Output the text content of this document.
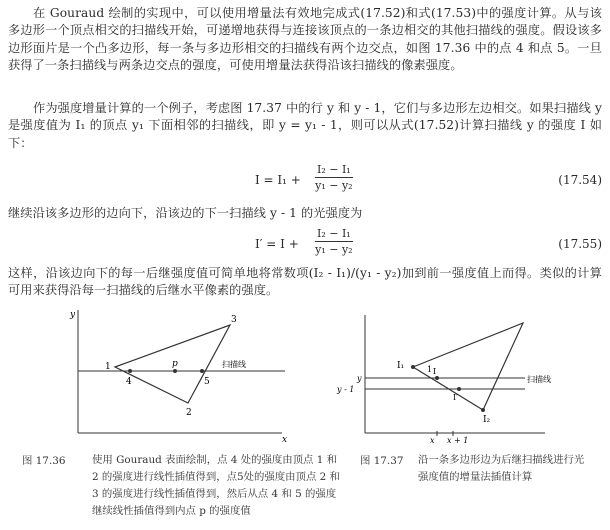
在 Gouraud 绘制的实现中，可以使用增量法有效地完成式(17.52)和式(17.53)中的强度计算。从与该多边形一个顶点相交的扫描线开始，可递增地获得与连接该顶点的一条边相交的其他扫描线的强度。假设该多边形面片是一个凸多边形，每一条与多边形相交的扫描线有两个边交点，如图 17.36 中的点 4 和点 5。一旦获得了一条扫描线与两条边交点的强度，可使用增量法获得沿该扫描线的像素强度。

作为强度增量计算的一个例子，考虑图 17.37 中的行 y 和 y - 1，它们与多边形左边相交。如果扫描线 y 是强度值为 I₁ 的顶点 y₁ 下面相邻的扫描线，即 y = y₁ - 1，则可以从式(17.52)计算扫描线 y 的强度 I 如下：

$I = I_1 + \frac{\text{I₂ − I₁}}{\text{y₁ − y₂}}$	(17.54)

继续沿该多边形的边向下，沿该边的下一扫描线 y - 1 的光强度为

$I' = I + \frac{\text{I₂ − I₁}}{\text{y₁ − y₂}}$	(17.55)

这样，沿该边向下的每一后继强度值可简单地将常数项(I₂ - I₁)/(y₁ - y₂)加到前一强度值上而得。类似的计算可用来获得沿每一扫描线的后继水平像素的强度。

y
x
1
2
3
4
p
5
扫描线
图 17.36	使用 Gouraud 表面绘制，点 4 处的强度由顶点 1 和 2 的强度进行线性插值得到，点5处的强度由顶点 2 和 3 的强度进行线性插值得到，然后从点 4 和 5 的强度继续线性插值得到内点 p 的强度值
I₁	1 I
I′
I₂
y
y - 1
扫描线
x x + 1
图 17.37 沿一条多边形边为后继扫描线进行光强度值的增量法插值计算
